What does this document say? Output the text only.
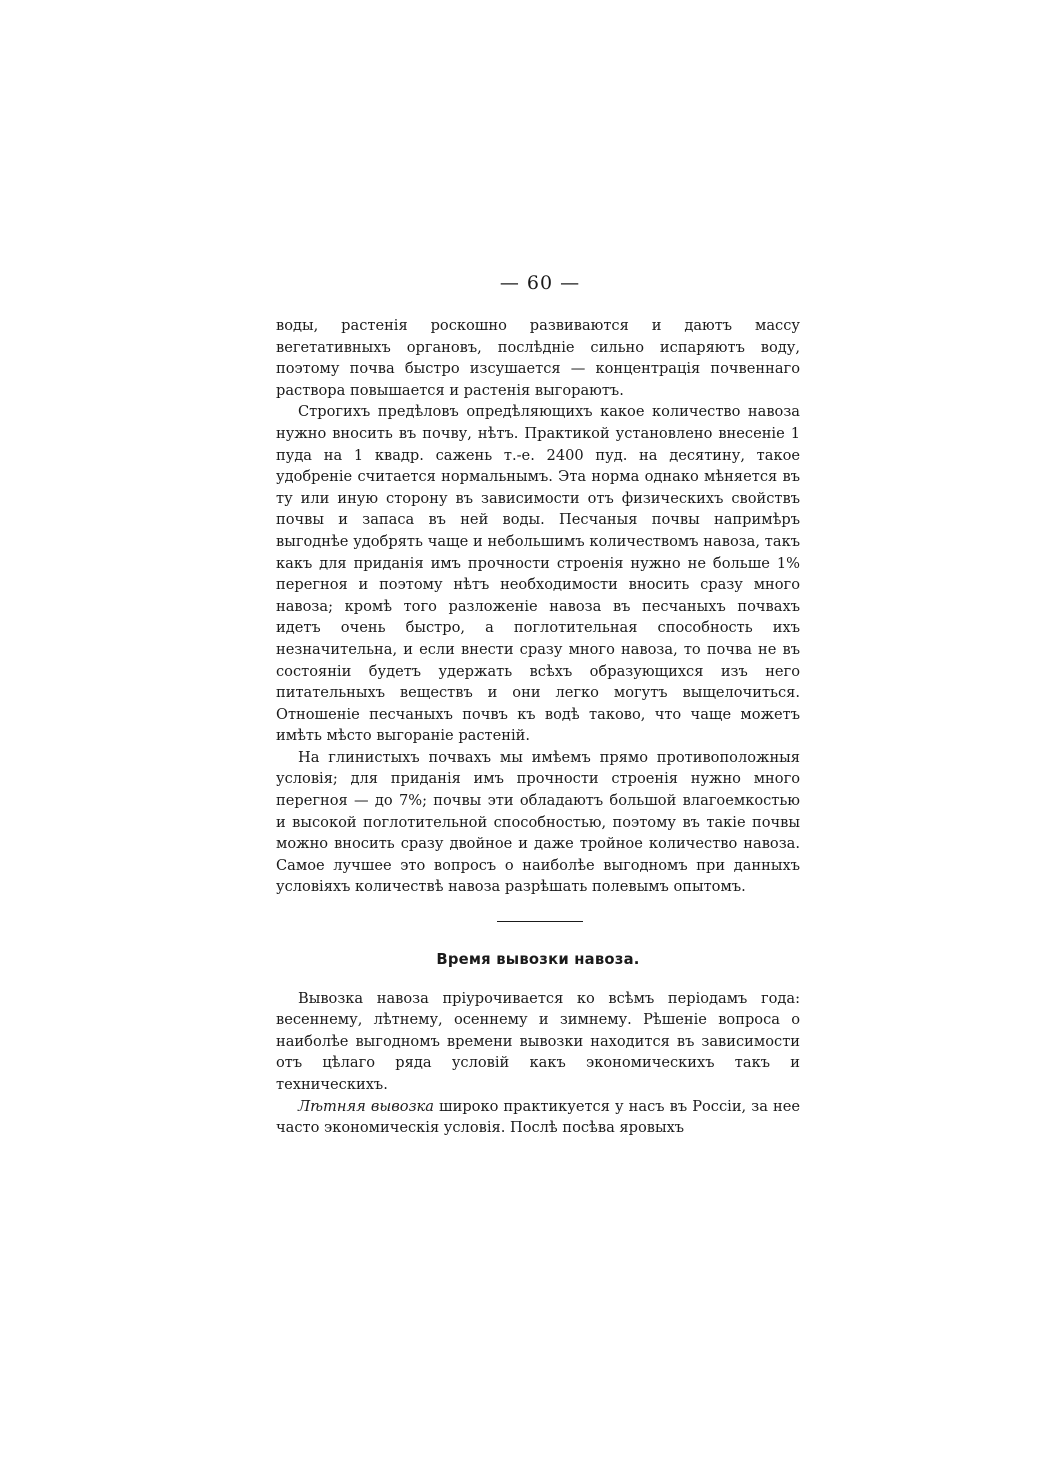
— 60 —

воды, растенія роскошно развиваются и даютъ массу вегетативныхъ органовъ, послѣдніе сильно испаряютъ воду, поэтому почва быстро изсушается — концентрація почвеннаго раствора повышается и растенія выгораютъ.

Строгихъ предѣловъ опредѣляющихъ какое количество навоза нужно вносить въ почву, нѣтъ. Практикой установлено внесеніе 1 пуда на 1 квадр. сажень т.-е. 2400 пуд. на десятину, такое удобреніе считается нормальнымъ. Эта норма однако мѣняется въ ту или иную сторону въ зависимости отъ физическихъ свойствъ почвы и запаса въ ней воды. Песчаныя почвы напримѣръ выгоднѣе удобрять чаще и небольшимъ количествомъ навоза, такъ какъ для приданія имъ прочности строенія нужно не больше 1% перегноя и поэтому нѣтъ необходимости вносить сразу много навоза; кромѣ того разложеніе навоза въ песчаныхъ почвахъ идетъ очень быстро, а поглотительная способность ихъ незначительна, и если внести сразу много навоза, то почва не въ состояніи будетъ удержать всѣхъ образующихся изъ него питательныхъ веществъ и они легко могутъ выщелочиться. Отношеніе песчаныхъ почвъ къ водѣ таково, что чаще можетъ имѣть мѣсто выгораніе растеній.

На глинистыхъ почвахъ мы имѣемъ прямо противоположныя условія; для приданія имъ прочности строенія нужно много перегноя — до 7%; почвы эти обладаютъ большой влагоемкостью и высокой поглотительной способностью, поэтому въ такіе почвы можно вносить сразу двойное и даже тройное количество навоза. Самое лучшее это вопросъ о наиболѣе выгодномъ при данныхъ условіяхъ количествѣ навоза разрѣшать полевымъ опытомъ.

Время вывозки навоза.

Вывозка навоза пріурочивается ко всѣмъ періодамъ года: весеннему, лѣтнему, осеннему и зимнему. Рѣшеніе вопроса о наиболѣе выгодномъ времени вывозки находится въ зависимости отъ цѣлаго ряда условій какъ экономическихъ такъ и техническихъ.

Лѣтняя вывозка широко практикуется у насъ въ Россіи, за нее часто экономическія условія. Послѣ посѣва яровыхъ
